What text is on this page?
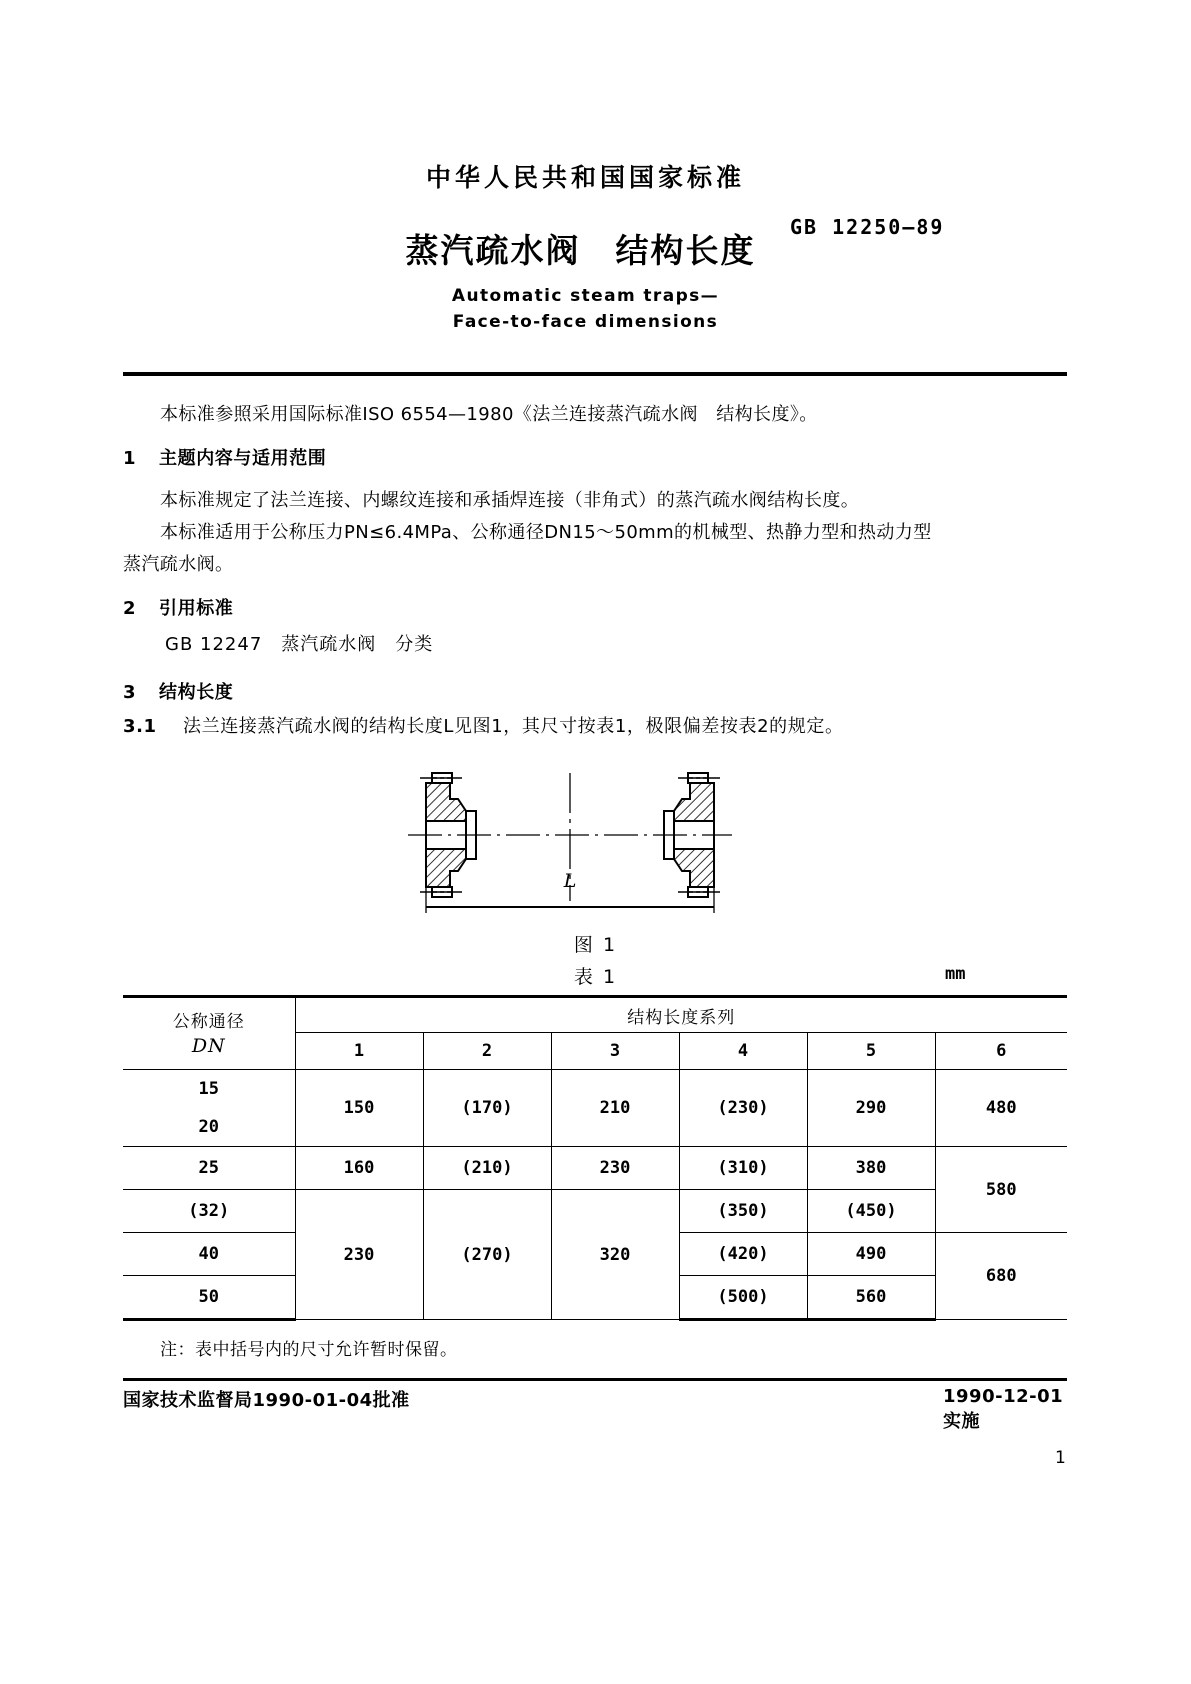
中华人民共和国国家标准
蒸汽疏水阀　结构长度
GB 12250—89
Automatic steam traps—
Face-to-face dimensions
本标准参照采用国际标准ISO 6554—1980《法兰连接蒸汽疏水阀　结构长度》。
1 主题内容与适用范围
本标准规定了法兰连接、内螺纹连接和承插焊连接（非角式）的蒸汽疏水阀结构长度。
本标准适用于公称压力PN≤6.4MPa、公称通径DN15～50mm的机械型、热静力型和热动力型
蒸汽疏水阀。
2 引用标准
GB 12247　蒸汽疏水阀　分类
3 结构长度
3.1 法兰连接蒸汽疏水阀的结构长度L见图1，其尺寸按表1，极限偏差按表2的规定。
L
图 1
表 1	mm
公称通径
DN	结构长度系列					
	1	2	3	4	5	6
15	150	(170)	210	(230)	290	480
20						
25	160	(210)	230	(310)	380	580
(32)	230	(270)	320	(350)	(450)	
40				(420)	490	680
50				(500)	560	
注：表中括号内的尺寸允许暂时保留。
国家技术监督局1990-01-04批准	1990-12-01实施
1
